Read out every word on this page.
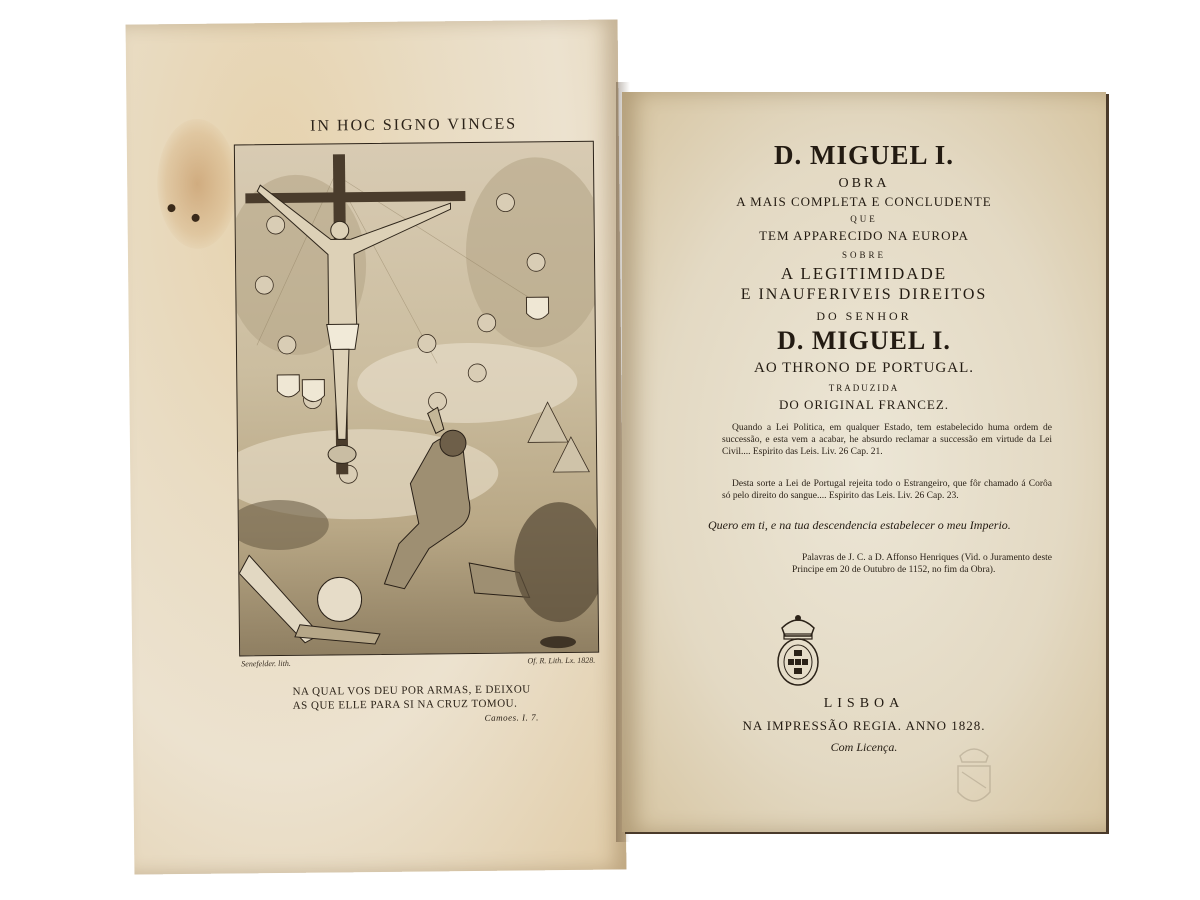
IN HOC SIGNO VINCES
Senefelder. lith.	Of. R. Lith. Lx. 1828.
NA QUAL VOS DEU POR ARMAS, E DEIXOU
AS QUE ELLE PARA SI NA CRUZ TOMOU.
Camoes. I. 7.
D. MIGUEL I.
OBRA
A MAIS COMPLETA E CONCLUDENTE
QUE
TEM APPARECIDO NA EUROPA
SOBRE
A LEGITIMIDADE
E INAUFERIVEIS DIREITOS
DO SENHOR
D. MIGUEL I.
AO THRONO DE PORTUGAL.
TRADUZIDA
DO ORIGINAL FRANCEZ.
Quando a Lei Politica, em qualquer Estado, tem estabelecido huma ordem de successão, e esta vem a acabar, he absurdo reclamar a successão em virtude da Lei Civil.... Espirito das Leis. Liv. 26 Cap. 21.
Desta sorte a Lei de Portugal rejeita todo o Estrangeiro, que fôr chamado á Corôa só pelo direito do sangue.... Espirito das Leis. Liv. 26 Cap. 23.
Quero em ti, e na tua descendencia estabelecer o meu Imperio.
Palavras de J. C. a D. Affonso Henriques (Vid. o Juramento deste Principe em 20 de Outubro de 1152, no fim da Obra).
LISBOA
NA IMPRESSÃO REGIA. ANNO 1828.
Com Licença.
